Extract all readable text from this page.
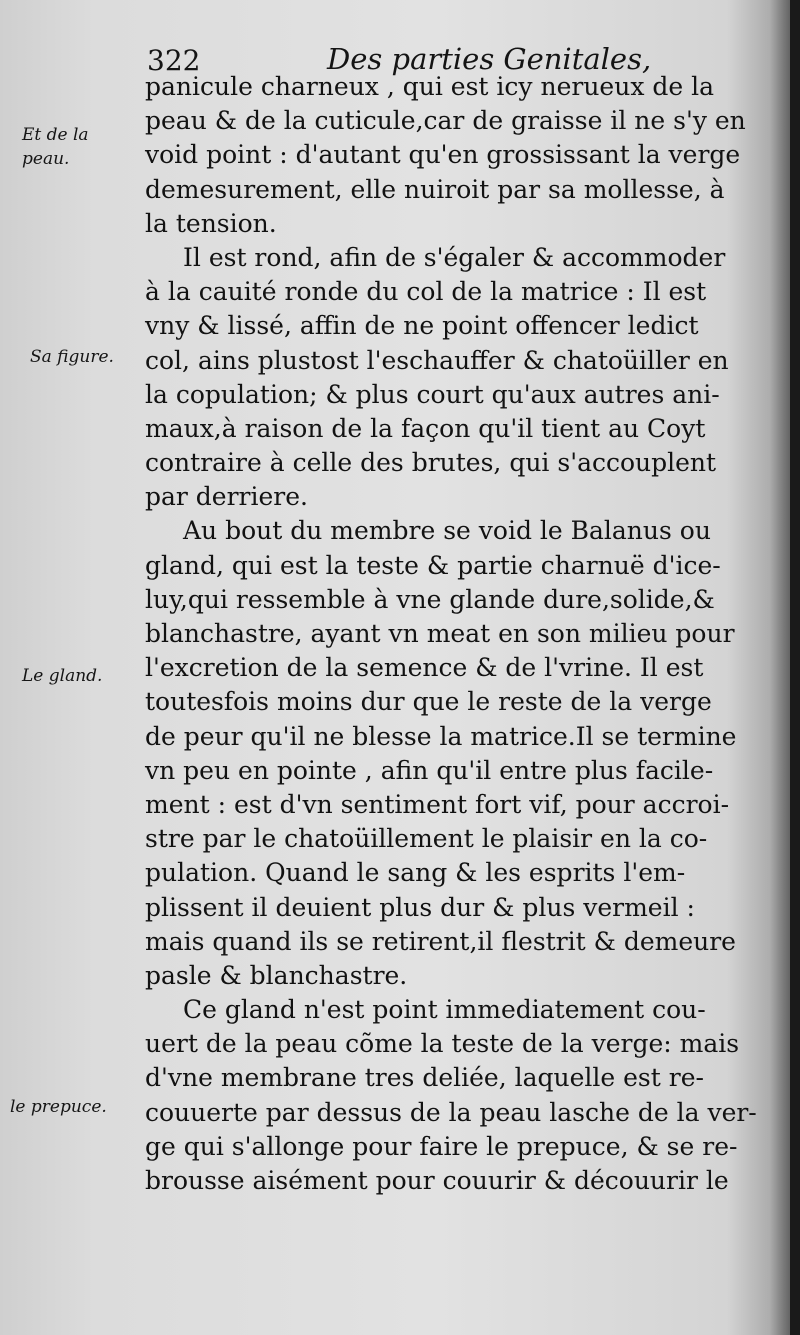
322	Des parties Genitales,
Et de la
peau.
Sa figure.
Le gland.
le prepuce.
panicule charneux , qui est icy nerueux de la
peau & de la cuticule,car de graisse il ne s'y en
void point : d'autant qu'en grossissant la verge
demesurement, elle nuiroit par sa mollesse, à
la tension.
Il est rond, afin de s'égaler & accommoder
à la cauité ronde du col de la matrice : Il est
vny & lissé, affin de ne point offencer ledict
col, ains plustost l'eschauffer & chatoüiller en
la copulation; & plus court qu'aux autres ani-
maux,à raison de la façon qu'il tient au Coyt
contraire à celle des brutes, qui s'accouplent
par derriere.
Au bout du membre se void le Balanus ou
gland, qui est la teste & partie charnuë d'ice-
luy,qui ressemble à vne glande dure,solide,&
blanchastre, ayant vn meat en son milieu pour
l'excretion de la semence & de l'vrine. Il est
toutesfois moins dur que le reste de la verge
de peur qu'il ne blesse la matrice.Il se termine
vn peu en pointe , afin qu'il entre plus facile-
ment : est d'vn sentiment fort vif, pour accroi-
stre par le chatoüillement le plaisir en la co-
pulation. Quand le sang & les esprits l'em-
plissent il deuient plus dur & plus vermeil :
mais quand ils se retirent,il flestrit & demeure
pasle & blanchastre.
Ce gland n'est point immediatement cou-
uert de la peau cõme la teste de la verge: mais
d'vne membrane tres deliée, laquelle est re-
couuerte par dessus de la peau lasche de la ver-
ge qui s'allonge pour faire le prepuce, & se re-
brousse aisément pour couurir & découurir le
